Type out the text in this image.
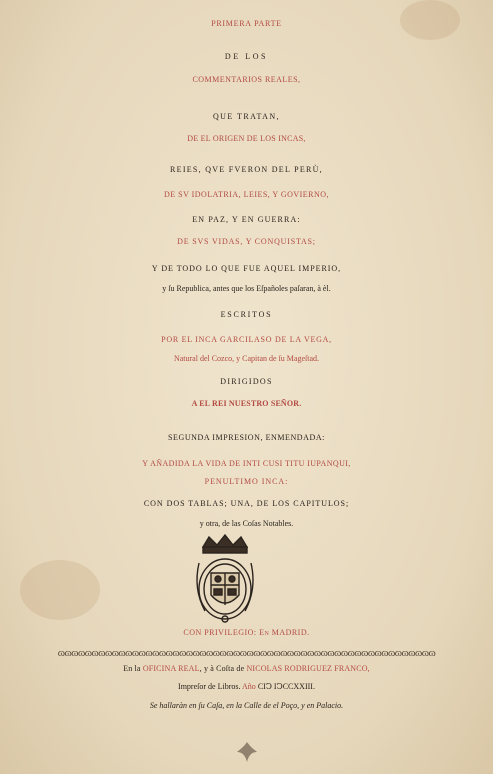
PRIMERA PARTE
DE LOS
COMMENTARIOS REALES,
QUE TRATAN,
DE EL ORIGEN DE LOS INCAS,
REIES, QVE FVERON DEL PERÙ,
DE SV IDOLATRIA, LEIES, Y GOVIERNO,
EN PAZ, Y EN GUERRA:
DE SVS VIDAS, Y CONQUISTAS;
Y DE TODO LO QUE FUE AQUEL IMPERIO,
y ſu Republica, antes que los Eſpañoles paſaran, à èl.
ESCRITOS
POR EL INCA GARCILASO DE LA VEGA,
Natural del Cozco, y Capitan de ſu Mageſtad.
DIRIGIDOS
A EL REI NUESTRO SEÑOR.
SEGUNDA IMPRESION, ENMENDADA:
Y AÑADIDA LA VIDA DE INTI CUSI TITU IUPANQUI,
PENULTIMO INCA:
CON DOS TABLAS; UNA, DE LOS CAPITULOS;
y otra, de las Coſas Notables.
CON PRIVILEGIO: En MADRID.
ɷɷɷɷɷɷɷɷɷɷɷɷɷɷɷɷɷɷɷɷɷɷɷɷɷɷɷɷɷɷɷɷɷɷɷɷɷɷɷɷɷɷɷɷɷɷɷɷɷɷɷɷɷɷɷɷ
En la OFICINA REAL, y à Coſta de NICOLAS RODRIGUEZ FRANCO,
Impreſor de Libros. Año CIↃ IↃCCXXIII.
Se hallaràn en ſu Caſa, en la Calle de el Poço, y en Palacio.
